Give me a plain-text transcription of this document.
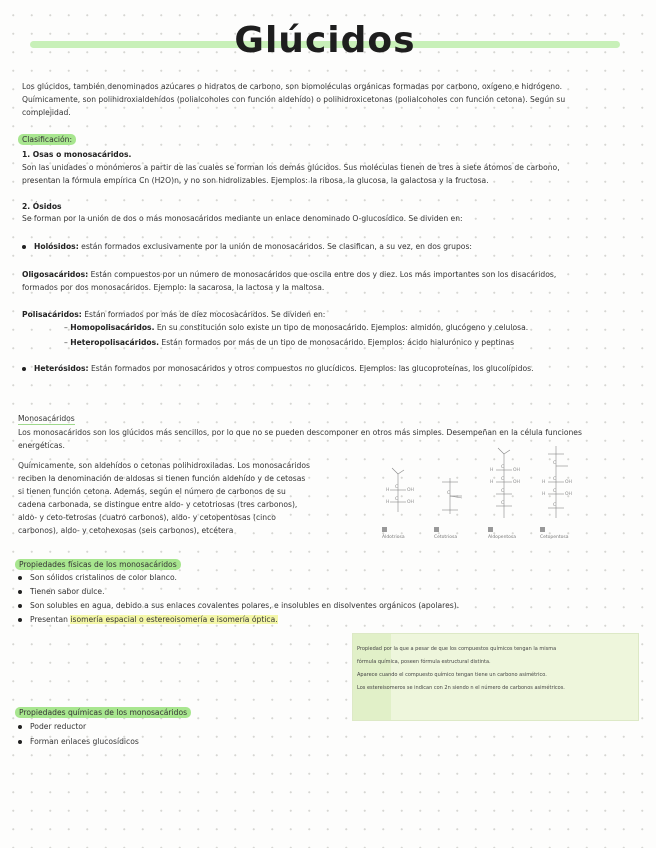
Glúcidos
Los glúcidos, también denominados azúcares o hidratos de carbono, son biomoléculas orgánicas formadas por carbono, oxígeno e hidrógeno.
Químicamente, son polihidroxialdehídos (polialcoholes con función aldehído) o polihidroxicetonas (polialcoholes con función cetona). Según su
complejidad.
Clasificación:
1. Osas o monosacáridos.
Son las unidades o monómeros a partir de las cuales se forman los demás glúcidos. Sus moléculas tienen de tres a siete átomos de carbono,
presentan la fórmula empírica Cn (H2O)n, y no son hidrolizables. Ejemplos: la ribosa, la glucosa, la galactosa y la fructosa.
2. Ósidos
Se forman por la unión de dos o más monosacáridos mediante un enlace denominado O-glucosídico. Se dividen en:
Holósidos: están formados exclusivamente por la unión de monosacáridos. Se clasifican, a su vez, en dos grupos:
Oligosacáridos: Están compuestos por un número de monosacáridos que oscila entre dos y diez. Los más importantes son los disacáridos,
formados por dos monosacáridos. Ejemplo: la sacarosa, la lactosa y la maltosa.
Polisacáridos: Están formados por más de diez mocosacáridos. Se dividen en:
– Homopolisacáridos. En su constitución solo existe un tipo de monosacárido. Ejemplos: almidón, glucógeno y celulosa.
– Heteropolisacáridos. Están formados por más de un tipo de monosacárido. Ejemplos: ácido hialurónico y peptinas
Heterósidos: Están formados por monosacáridos y otros compuestos no glucídicos. Ejemplos: las glucoproteínas, los glucolípidos.
Monosacáridos
Los monosacáridos son los glúcidos más sencillos, por lo que no se pueden descomponer en otros más simples. Desempeñan en la célula funciones
energéticas.
Químicamente, son aldehídos o cetonas polihidroxiladas. Los monosacáridos
reciben la denominación de aldosas si tienen función aldehído y de cetosas
si tienen función cetona. Además, según el número de carbonos de su
cadena carbonada, se distingue entre aldo- y cetotriosas (tres carbonos),
aldo- y ceto-tetrosas (cuatro carbonos), aldo- y cetopentosas (cinco
carbonos), aldo- y cetohexosas (seis carbonos), etcétera
C
C
C
C
C
C
C
C
C
C
C
H	OH
H	OH
H	OH
H	OH	H	OH
H	OH
Aldotriosa	Cetotriosa	Aldopentosa	Cetopentosa
Propiedades físicas de los monosacáridos
Son sólidos cristalinos de color blanco.
Tienen sabor dulce.
Son solubles en agua, debido a sus enlaces covalentes polares, e insolubles en disolventes orgánicos (apolares).
Presentan isomería espacial o estereoisomería e isomería óptica.
Propiedad por la que a pesar de que los compuestos químicos tengan la misma
fórmula química, poseen fórmula estructural distinta.
Aparece cuando el compuesto químico tengan tiene un carbono asimétrico.
Los estereisomeros se indican con 2n siendo n el número de carbonos asimétricos.
Propiedades químicas de los monosacáridos
Poder reductor
Forman enlaces glucosídicos
